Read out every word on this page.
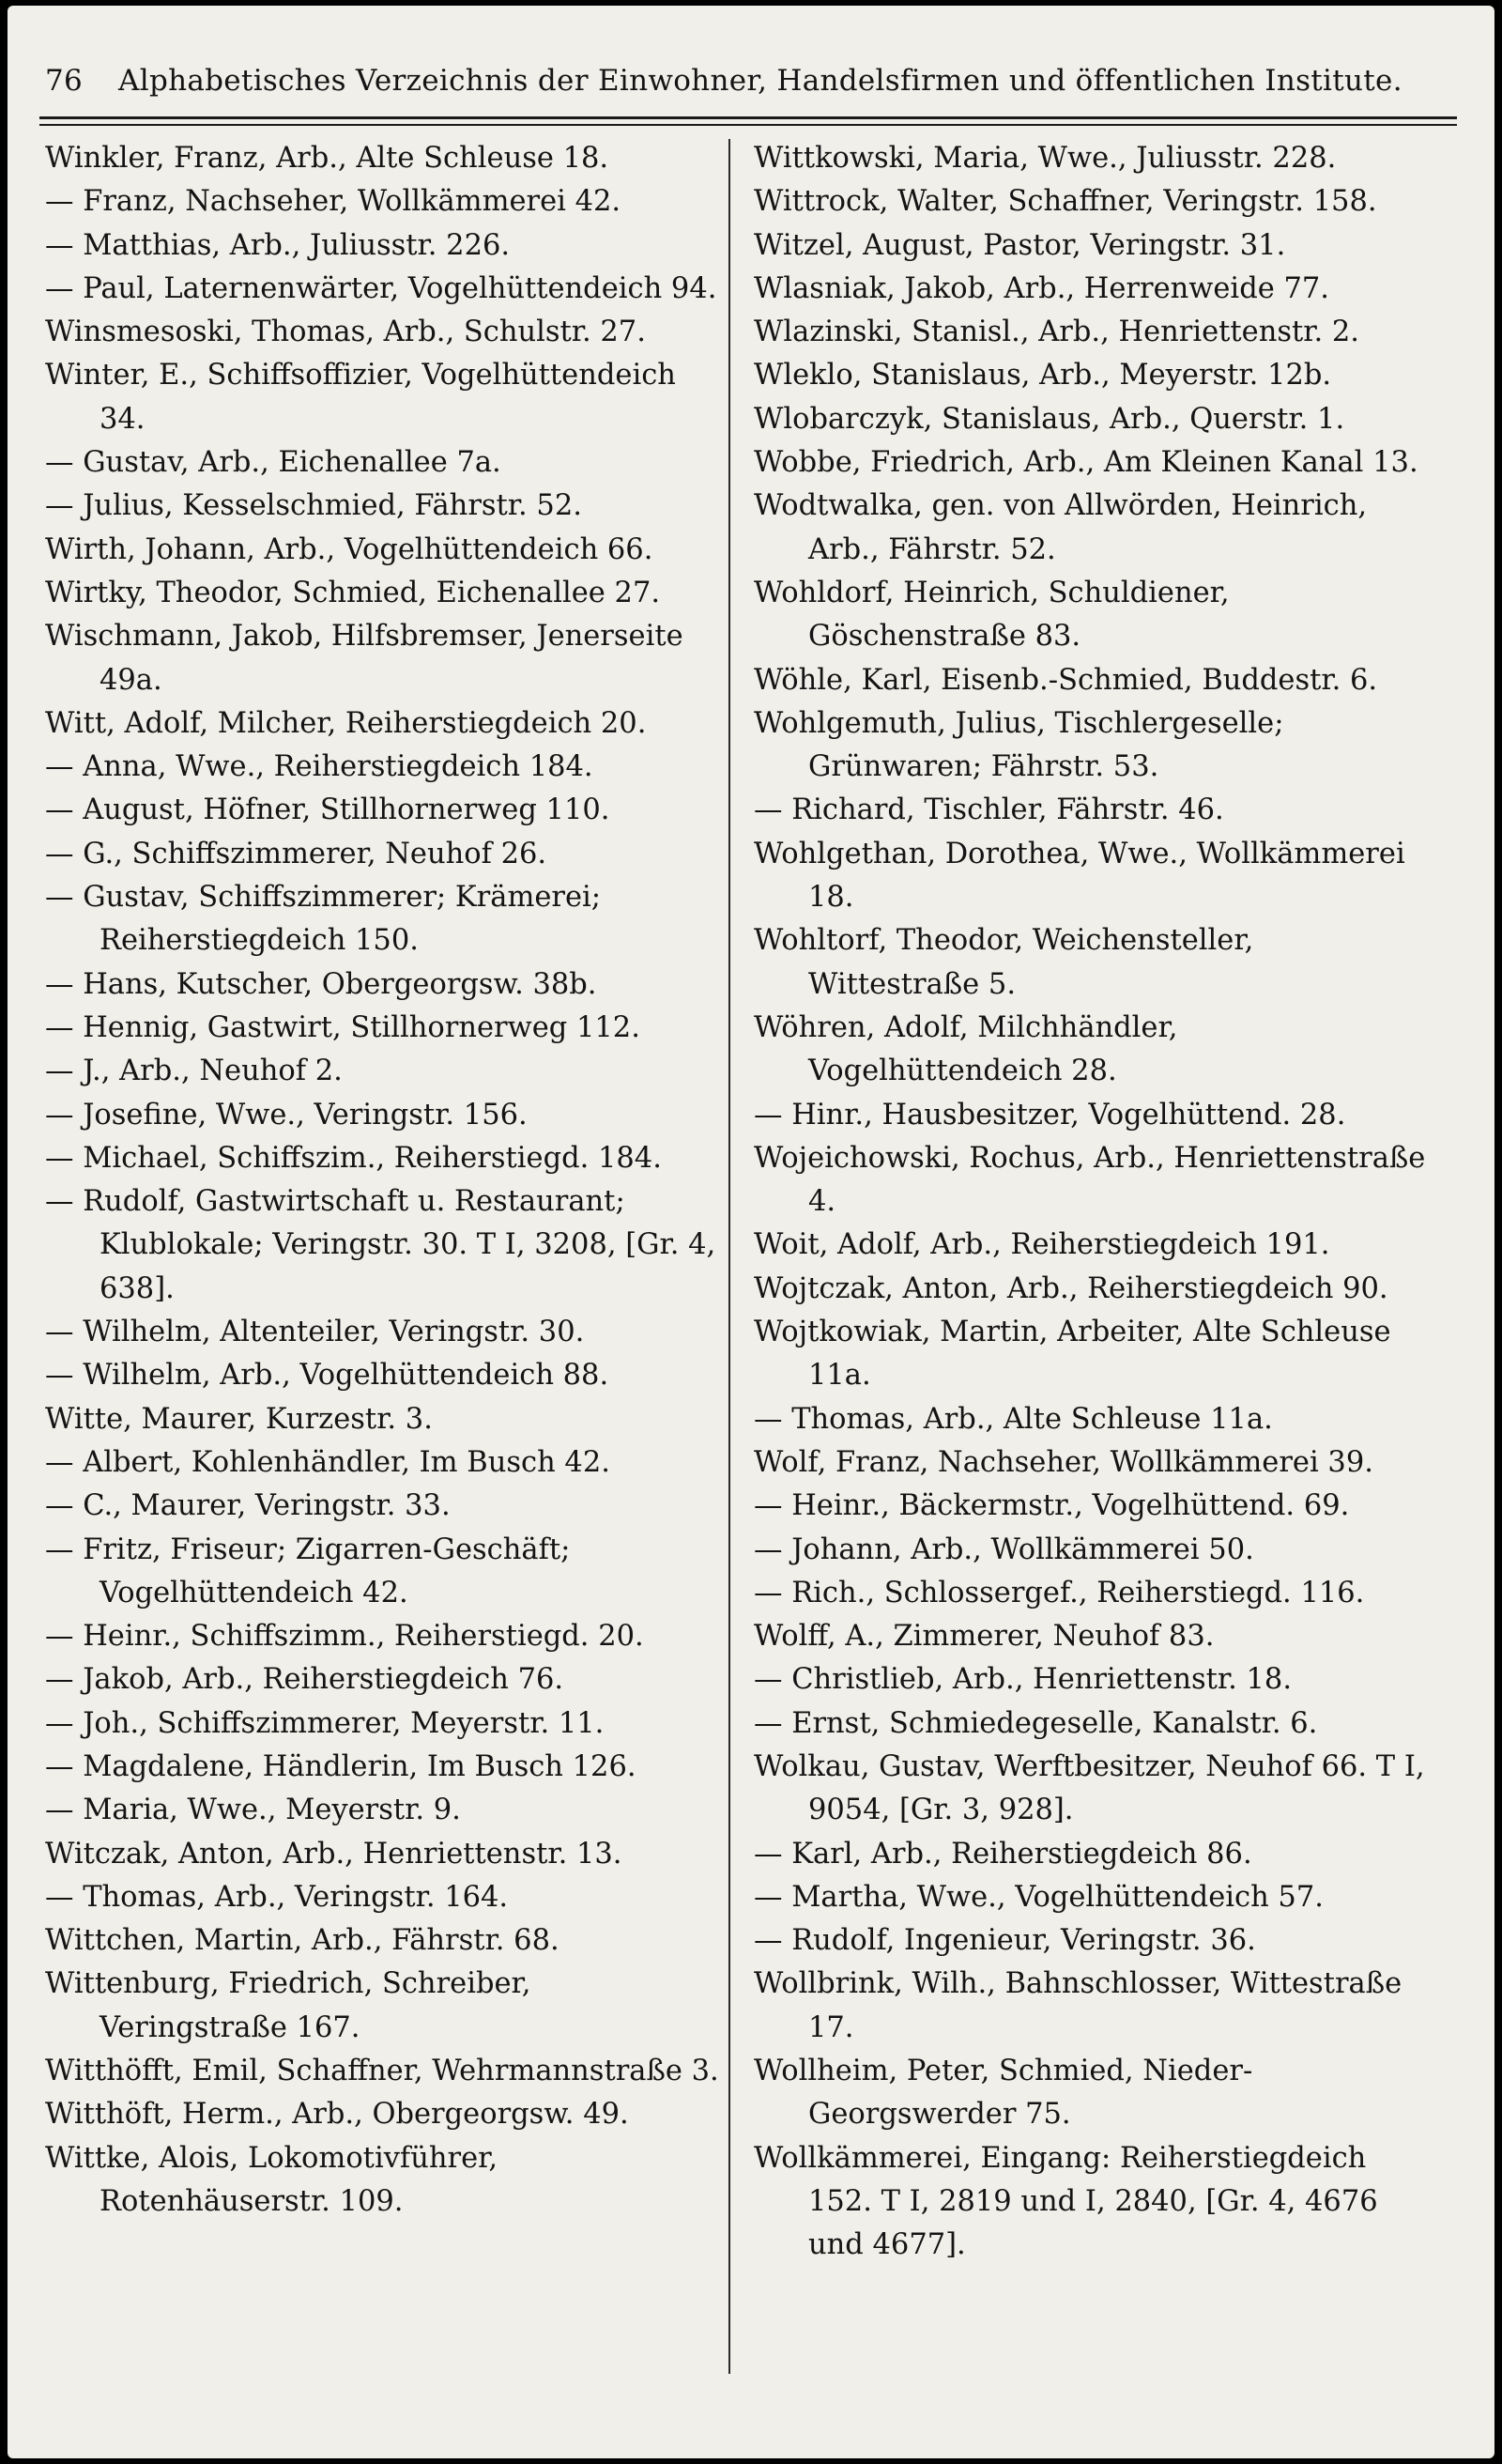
76 Alphabetisches Verzeichnis der Einwohner, Handelsfirmen und öffentlichen Institute.
Winkler, Franz, Arb., Alte Schleuse 18.
— Franz, Nachseher, Wollkämmerei 42.
— Matthias, Arb., Juliusstr. 226.
— Paul, Laternenwärter, Vogelhüttendeich 94.
Winsmesoski, Thomas, Arb., Schulstr. 27.
Winter, E., Schiffsoffizier, Vogelhüttendeich 34.
— Gustav, Arb., Eichenallee 7a.
— Julius, Kesselschmied, Fährstr. 52.
Wirth, Johann, Arb., Vogelhüttendeich 66.
Wirtky, Theodor, Schmied, Eichenallee 27.
Wischmann, Jakob, Hilfsbremser, Jenerseite 49a.
Witt, Adolf, Milcher, Reiherstiegdeich 20.
— Anna, Wwe., Reiherstiegdeich 184.
— August, Höfner, Stillhornerweg 110.
— G., Schiffszimmerer, Neuhof 26.
— Gustav, Schiffszimmerer; Krämerei; Reiherstiegdeich 150.
— Hans, Kutscher, Obergeorgsw. 38b.
— Hennig, Gastwirt, Stillhornerweg 112.
— J., Arb., Neuhof 2.
— Josefine, Wwe., Veringstr. 156.
— Michael, Schiffszim., Reiherstiegd. 184.
— Rudolf, Gastwirtschaft u. Restaurant; Klublokale; Veringstr. 30. T I, 3208, [Gr. 4, 638].
— Wilhelm, Altenteiler, Veringstr. 30.
— Wilhelm, Arb., Vogelhüttendeich 88.
Witte, Maurer, Kurzestr. 3.
— Albert, Kohlenhändler, Im Busch 42.
— C., Maurer, Veringstr. 33.
— Fritz, Friseur; Zigarren-Geschäft; Vogelhüttendeich 42.
— Heinr., Schiffszimm., Reiherstiegd. 20.
— Jakob, Arb., Reiherstiegdeich 76.
— Joh., Schiffszimmerer, Meyerstr. 11.
— Magdalene, Händlerin, Im Busch 126.
— Maria, Wwe., Meyerstr. 9.
Witczak, Anton, Arb., Henriettenstr. 13.
— Thomas, Arb., Veringstr. 164.
Wittchen, Martin, Arb., Fährstr. 68.
Wittenburg, Friedrich, Schreiber, Veringstraße 167.
Witthöfft, Emil, Schaffner, Wehrmannstraße 3.
Witthöft, Herm., Arb., Obergeorgsw. 49.
Wittke, Alois, Lokomotivführer, Rotenhäuserstr. 109.
Wittkowski, Maria, Wwe., Juliusstr. 228.
Wittrock, Walter, Schaffner, Veringstr. 158.
Witzel, August, Pastor, Veringstr. 31.
Wlasniak, Jakob, Arb., Herrenweide 77.
Wlazinski, Stanisl., Arb., Henriettenstr. 2.
Wleklo, Stanislaus, Arb., Meyerstr. 12b.
Wlobarczyk, Stanislaus, Arb., Querstr. 1.
Wobbe, Friedrich, Arb., Am Kleinen Kanal 13.
Wodtwalka, gen. von Allwörden, Heinrich, Arb., Fährstr. 52.
Wohldorf, Heinrich, Schuldiener, Göschenstraße 83.
Wöhle, Karl, Eisenb.-Schmied, Buddestr. 6.
Wohlgemuth, Julius, Tischlergeselle; Grünwaren; Fährstr. 53.
— Richard, Tischler, Fährstr. 46.
Wohlgethan, Dorothea, Wwe., Wollkämmerei 18.
Wohltorf, Theodor, Weichensteller, Wittestraße 5.
Wöhren, Adolf, Milchhändler, Vogelhüttendeich 28.
— Hinr., Hausbesitzer, Vogelhüttend. 28.
Wojeichowski, Rochus, Arb., Henriettenstraße 4.
Woit, Adolf, Arb., Reiherstiegdeich 191.
Wojtczak, Anton, Arb., Reiherstiegdeich 90.
Wojtkowiak, Martin, Arbeiter, Alte Schleuse 11a.
— Thomas, Arb., Alte Schleuse 11a.
Wolf, Franz, Nachseher, Wollkämmerei 39.
— Heinr., Bäckermstr., Vogelhüttend. 69.
— Johann, Arb., Wollkämmerei 50.
— Rich., Schlossergef., Reiherstiegd. 116.
Wolff, A., Zimmerer, Neuhof 83.
— Christlieb, Arb., Henriettenstr. 18.
— Ernst, Schmiedegeselle, Kanalstr. 6.
Wolkau, Gustav, Werftbesitzer, Neuhof 66. T I, 9054, [Gr. 3, 928].
— Karl, Arb., Reiherstiegdeich 86.
— Martha, Wwe., Vogelhüttendeich 57.
— Rudolf, Ingenieur, Veringstr. 36.
Wollbrink, Wilh., Bahnschlosser, Wittestraße 17.
Wollheim, Peter, Schmied, Nieder-Georgswerder 75.
Wollkämmerei, Eingang: Reiherstiegdeich 152. T I, 2819 und I, 2840, [Gr. 4, 4676 und 4677].
